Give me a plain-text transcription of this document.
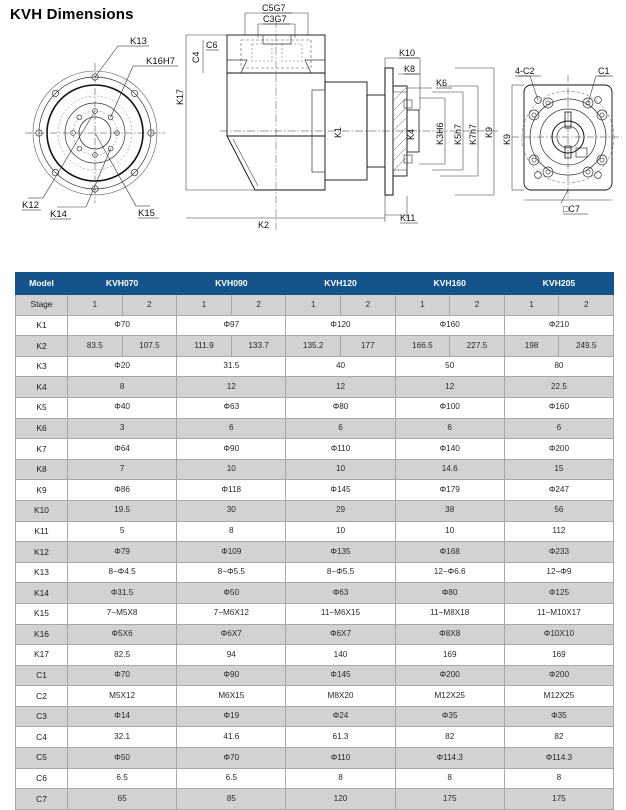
KVH Dimensions
K13
K16H7
K12
K14	K15
C5G7
C3G7
C6
C4
K17
K2
K1
K10
K8
K6
K4 K3H6 K5h7 K7h7 K9
K11
K9
4-C2	C1
□C7
Model	KVH070		KVH090		KVH120		KVH160		KVH205	
Stage	1	2	1	2	1	2	1	2	1	2
K1	Φ70		Φ97		Φ120		Φ160		Φ210	
K2	83.5	107.5	111.9	133.7	135.2	177	166.5	227.5	198	249.5
K3	Φ20		31.5		40		50		80	
K4	8		12		12		12		22.5	
K5	Φ40		Φ63		Φ80		Φ100		Φ160	
K6	3		6		6		6		6	
K7	Φ64		Φ90		Φ110		Φ140		Φ200	
K8	7		10		10		14.6		15	
K9	Φ86		Φ118		Φ145		Φ179		Φ247	
K10	19.5		30		29		38		56	
K11	5		8		10		10		112	
K12	Φ79		Φ109		Φ135		Φ168		Φ233	
K13	8−Φ4.5		8−Φ5.5		8−Φ5.5		12−Φ6.6		12−Φ9	
K14	Φ31.5		Φ50		Φ63		Φ80		Φ125	
K15	7−M5X8		7−M6X12		11−M6X15		11−M8X18		11−M10X17	
K16	Φ5X6		Φ6X7		Φ6X7		Φ8X8		Φ10X10	
K17	82.5		94		140		169		169	
C1	Φ70		Φ90		Φ145		Φ200		Φ200	
C2	M5X12		M6X15		M8X20		M12X25		M12X25	
C3	Φ14		Φ19		Φ24		Φ35		Φ35	
C4	32.1		41.6		61.3		82		82	
C5	Φ50		Φ70		Φ110		Φ114.3		Φ114.3	
C6	6.5		6.5		8		8		8	
C7	65		85		120		175		175	
